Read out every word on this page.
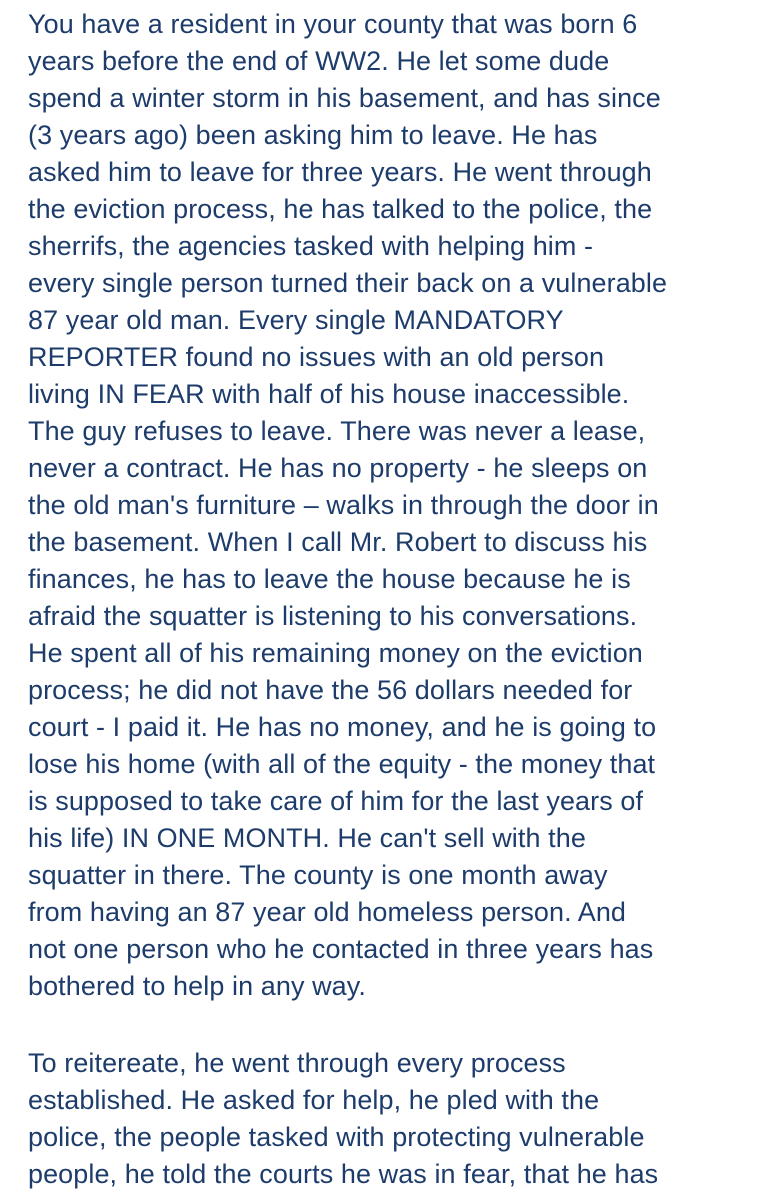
You have a resident in your county that was born 6
years before the end of WW2. He let some dude
spend a winter storm in his basement, and has since
(3 years ago) been asking him to leave. He has
asked him to leave for three years. He went through
the eviction process, he has talked to the police, the
sherrifs, the agencies tasked with helping him -
every single person turned their back on a vulnerable
87 year old man. Every single MANDATORY
REPORTER found no issues with an old person
living IN FEAR with half of his house inaccessible.
The guy refuses to leave. There was never a lease,
never a contract. He has no property - he sleeps on
the old man's furniture – walks in through the door in
the basement. When I call Mr. Robert to discuss his
finances, he has to leave the house because he is
afraid the squatter is listening to his conversations.
He spent all of his remaining money on the eviction
process; he did not have the 56 dollars needed for
court - I paid it. He has no money, and he is going to
lose his home (with all of the equity - the money that
is supposed to take care of him for the last years of
his life) IN ONE MONTH. He can't sell with the
squatter in there. The county is one month away
from having an 87 year old homeless person. And
not one person who he contacted in three years has
bothered to help in any way.
To reitereate, he went through every process
established. He asked for help, he pled with the
police, the people tasked with protecting vulnerable
people, he told the courts he was in fear, that he has
